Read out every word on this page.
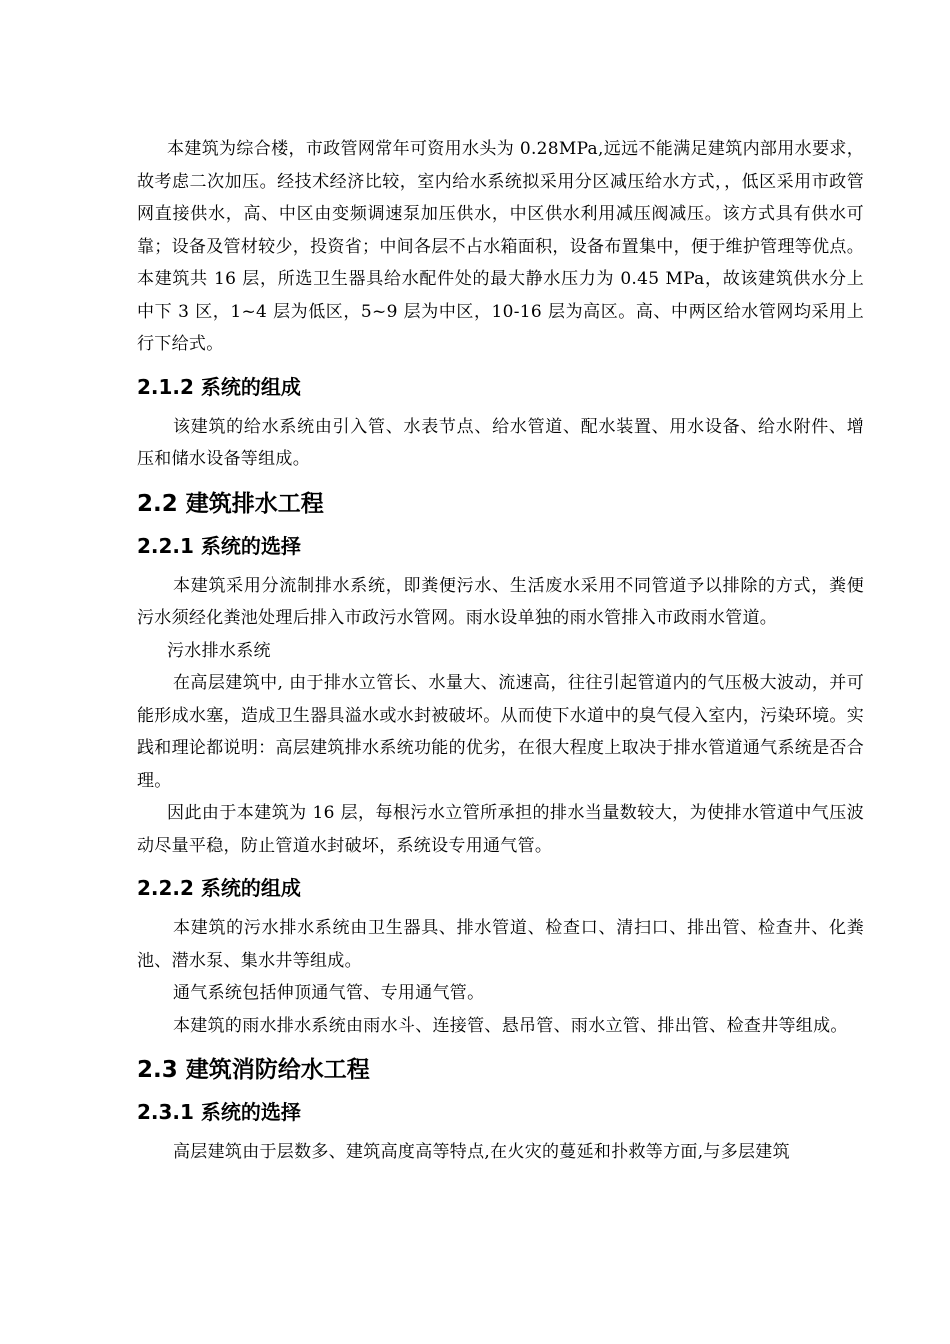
本建筑为综合楼，市政管网常年可资用水头为 0.28MPa,远远不能满足建筑内部用水要求，故考虑二次加压。经技术经济比较，室内给水系统拟采用分区减压给水方式，，低区采用市政管网直接供水，高、中区由变频调速泵加压供水，中区供水利用减压阀减压。该方式具有供水可靠；设备及管材较少，投资省；中间各层不占水箱面积，设备布置集中，便于维护管理等优点。本建筑共 16 层，所选卫生器具给水配件处的最大静水压力为 0.45 MPa，故该建筑供水分上中下 3 区，1~4 层为低区，5~9 层为中区，10-16 层为高区。高、中两区给水管网均采用上行下给式。

2.1.2 系统的组成

该建筑的给水系统由引入管、水表节点、给水管道、配水装置、用水设备、给水附件、增压和储水设备等组成。

2.2 建筑排水工程
2.2.1 系统的选择

本建筑采用分流制排水系统，即粪便污水、生活废水采用不同管道予以排除的方式，粪便污水须经化粪池处理后排入市政污水管网。雨水设单独的雨水管排入市政雨水管道。

污水排水系统

在高层建筑中, 由于排水立管长、水量大、流速高，往往引起管道内的气压极大波动，并可能形成水塞，造成卫生器具溢水或水封被破坏。从而使下水道中的臭气侵入室内，污染环境。实践和理论都说明：高层建筑排水系统功能的优劣，在很大程度上取决于排水管道通气系统是否合理。

因此由于本建筑为 16 层，每根污水立管所承担的排水当量数较大，为使排水管道中气压波动尽量平稳，防止管道水封破坏，系统设专用通气管。

2.2.2 系统的组成

本建筑的污水排水系统由卫生器具、排水管道、检查口、清扫口、排出管、检查井、化粪池、潜水泵、集水井等组成。

通气系统包括伸顶通气管、专用通气管。

本建筑的雨水排水系统由雨水斗、连接管、悬吊管、雨水立管、排出管、检查井等组成。

2.3 建筑消防给水工程
2.3.1 系统的选择

高层建筑由于层数多、建筑高度高等特点,在火灾的蔓延和扑救等方面,与多层建筑
